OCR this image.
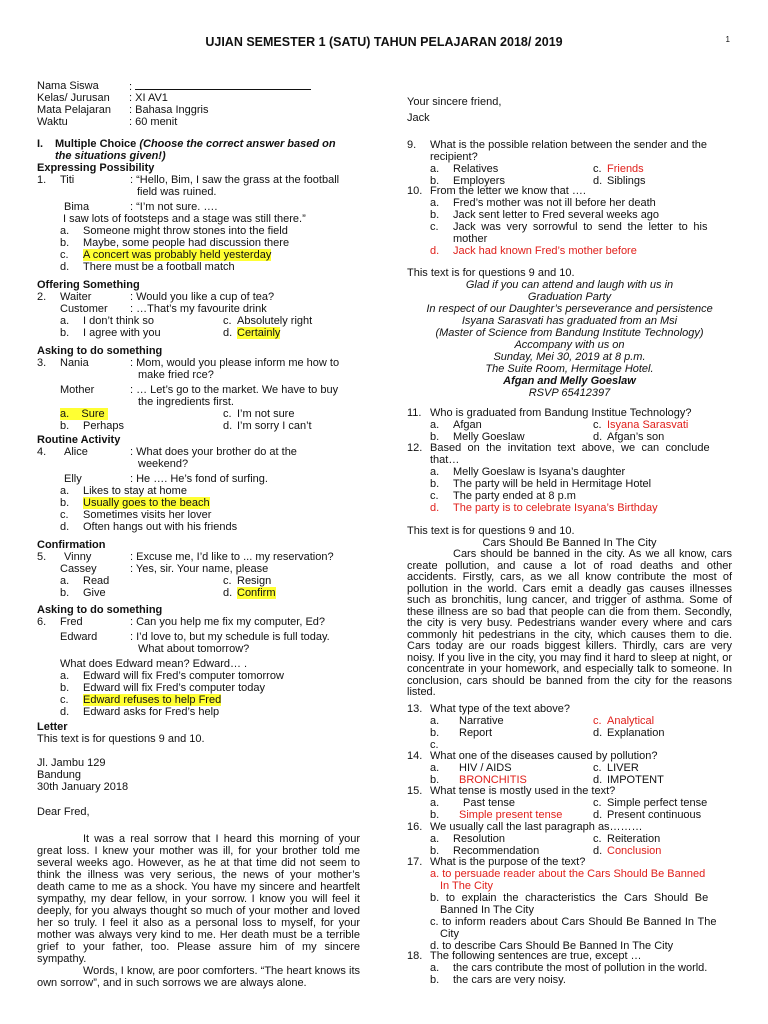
UJIAN SEMESTER 1 (SATU) TAHUN PELAJARAN 2018/ 2019	1
Nama Siswa	:
Kelas/ Jurusan : XI AV1
Mata Pelajaran : Bahasa Inggris
Waktu	: 60 menit
I. Multiple Choice (Choose the correct answer based on
the situations given!)
Expressing Possibility
1. Titi	: “Hello, Bim, I saw the grass at the football
field was ruined.
Bima	: “I’m not sure. ….
I saw lots of footsteps and a stage was still there.”
a. Someone might throw stones into the field
b. Maybe, some people had discussion there
c. A concert was probably held yesterday
d. There must be a football match
Offering Something
2. Waiter	: Would you like a cup of tea?
Customer : …That’s my favourite drink
a. I don’t think so	c. Absolutely right
b. I agree with you	d. Certainly
Asking to do something
3. Nania	: Mom, would you please inform me how to
make fried rce?
Mother	: … Let’s go to the market. We have to buy
the ingredients first.
a. Sure	c. I’m not sure
b. Perhaps	d. I’m sorry I can’t
Routine Activity
4. Alice	: What does your brother do at the
weekend?
Elly	: He …. He’s fond of surfing.
a. Likes to stay at home
b. Usually goes to the beach
c. Sometimes visits her lover
d. Often hangs out with his friends
Confirmation
5. Vinny	: Excuse me, I’d like to ... my reservation?
Cassey	: Yes, sir. Your name, please
a. Read	c. Resign
b. Give	d. Confirm
Asking to do something
6. Fred	: Can you help me fix my computer, Ed?
Edward	: I’d love to, but my schedule is full today.
What about tomorrow?
What does Edward mean? Edward… .
a. Edward will fix Fred’s computer tomorrow
b. Edward will fix Fred’s computer today
c. Edward refuses to help Fred
d. Edward asks for Fred’s help
Letter
This text is for questions 9 and 10.
Jl. Jambu 129
Bandung
30th January 2018
Dear Fred,
It was a real sorrow that I heard this morning of your great loss. I knew your mother was ill, for your brother told me several weeks ago. However, as he at that time did not seem to think the illness was very serious, the news of your mother’s death came to me as a shock. You have my sincere and heartfelt sympathy, my dear fellow, in your sorrow. I know you will feel it deeply, for you always thought so much of your mother and loved her so truly. I feel it also as a personal loss to myself, for your mother was always very kind to me. Her death must be a terrible grief to your father, too. Please assure him of my sincere sympathy.
Words, I know, are poor comforters. “The heart knows its own sorrow”, and in such sorrows we are always alone.
Your sincere friend,
Jack
9. What is the possible relation between the sender and the
recipient?
a. Relatives	c. Friends
b. Employers	d. Siblings
10. From the letter we know that ….
a. Fred’s mother was not ill before her death
b. Jack sent letter to Fred several weeks ago
c. Jack was very sorrowful to send the letter to his
mother
d. Jack had known Fred’s mother before
This text is for questions 9 and 10.
Glad if you can attend and laugh with us in
Graduation Party
In respect of our Daughter’s perseverance and persistence
Isyana Sarasvati has graduated from an Msi
(Master of Science from Bandung Institute Technology)
Accompany with us on
Sunday, Mei 30, 2019 at 8 p.m.
The Suite Room, Hermitage Hotel.
Afgan and Melly Goeslaw
RSVP 65412397
11. Who is graduated from Bandung Institue Technology?
a. Afgan	c. Isyana Sarasvati
b. Melly Goeslaw	d. Afgan’s son
12. Based on the invitation text above, we can conclude
that…
a. Melly Goeslaw is Isyana’s daughter
b. The party will be held in Hermitage Hotel
c. The party ended at 8 p.m
d. The party is to celebrate Isyana’s Birthday
This text is for questions 9 and 10.
Cars Should Be Banned In The City
Cars should be banned in the city. As we all know, cars create pollution, and cause a lot of road deaths and other accidents. Firstly, cars, as we all know contribute the most of pollution in the world. Cars emit a deadly gas causes illnesses such as bronchitis, lung cancer, and trigger of asthma. Some of these illness are so bad that people can die from them. Secondly, the city is very busy. Pedestrians wander every where and cars commonly hit pedestrians in the city, which causes them to die. Cars today are our roads biggest killers. Thirdly, cars are very noisy. If you live in the city, you may find it hard to sleep at night, or concentrate in your homework, and especially talk to someone. In conclusion, cars should be banned from the city for the reasons listed.
13. What type of the text above?
a. Narrative	c. Analytical
b. Report	d. Explanation
c.
14. What one of the diseases caused by pollution?
a. HIV / AIDS	c. LIVER
b. BRONCHITIS	d. IMPOTENT
15. What tense is mostly used in the text?
a. Past tense	c. Simple perfect tense
b. Simple present tense	d. Present continuous
16. We usually call the last paragraph as………
a. Resolution	c. Reiteration
b. Recommendation	d. Conclusion
17. What is the purpose of the text?
a. to persuade reader about the Cars Should Be Banned
In The City
b. to explain the characteristics the Cars Should Be
Banned In The City
c. to inform readers about Cars Should Be Banned In The
City
d. to describe Cars Should Be Banned In The City
18. The following sentences are true, except …
a. the cars contribute the most of pollution in the world.
b. the cars are very noisy.
